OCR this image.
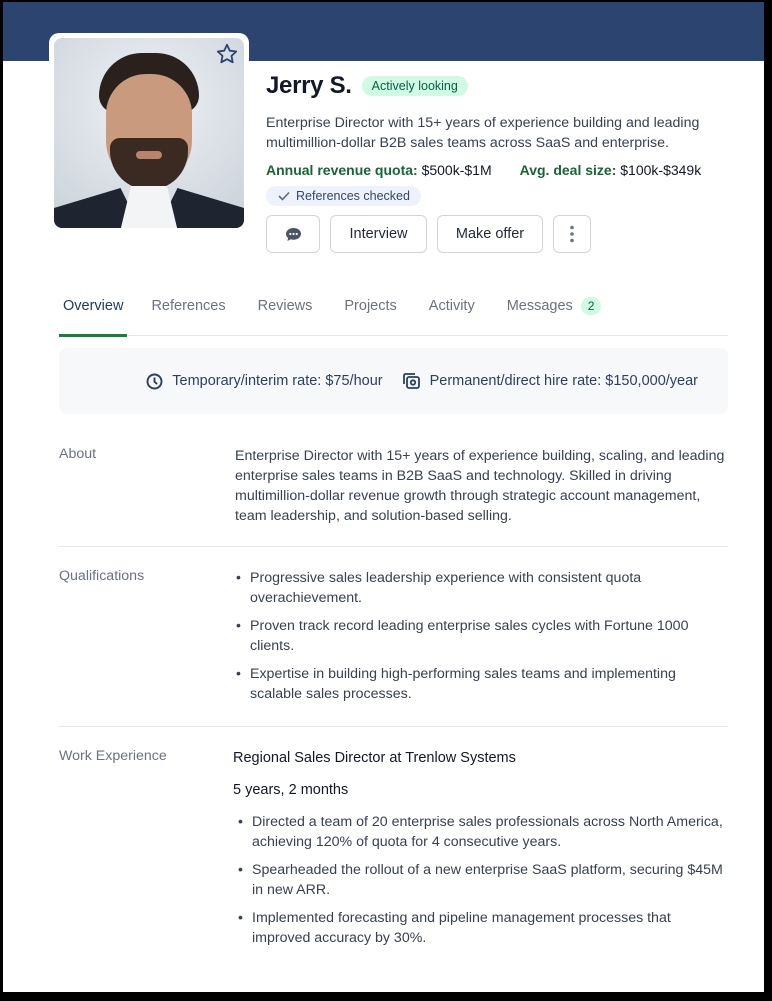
Jerry S.	Actively looking
Enterprise Director with 15+ years of experience building and leading multimillion-dollar B2B sales teams across SaaS and enterprise.
Annual revenue quota: $500k-$1M Avg. deal size: $100k-$349k
References checked
Interview	Make offer
Overview References Reviews Projects Activity Messages	2
Temporary/interim rate: $75/hour	Permanent/direct hire rate: $150,000/year
About	Enterprise Director with 15+ years of experience building, scaling, and leading enterprise sales teams in B2B SaaS and technology. Skilled in driving multimillion-dollar revenue growth through strategic account management, team leadership, and solution-based selling.
Qualifications	• Progressive sales leadership experience with consistent quota overachievement.
• Proven track record leading enterprise sales cycles with Fortune 1000 clients.
• Expertise in building high-performing sales teams and implementing scalable sales processes.
Work Experience	Regional Sales Director at Trenlow Systems
5 years, 2 months
• Directed a team of 20 enterprise sales professionals across North America, achieving 120% of quota for 4 consecutive years.
• Spearheaded the rollout of a new enterprise SaaS platform, securing $45M in new ARR.
• Implemented forecasting and pipeline management processes that improved accuracy by 30%.
